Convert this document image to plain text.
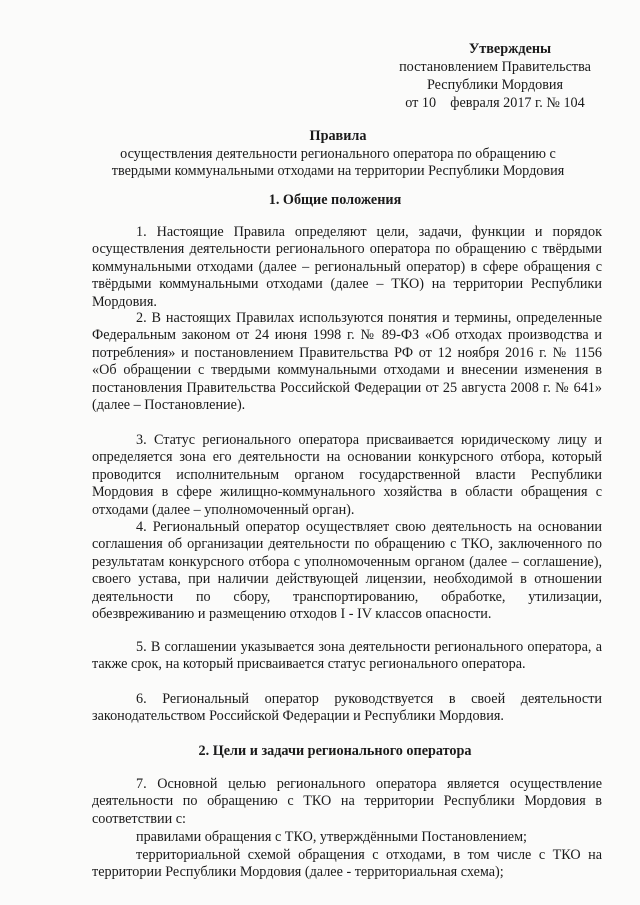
Утверждены
постановлением Правительства
Республики Мордовия
от 10    февраля 2017 г. № 104
Правила
осуществления деятельности регионального оператора по обращению с
твердыми коммунальными отходами на территории Республики Мордовия
1. Общие положения
1. Настоящие Правила определяют цели, задачи, функции и порядок осуществления деятельности регионального оператора по обращению с твёрдыми коммунальными отходами (далее – региональный оператор) в сфере обращения с твёрдыми коммунальными отходами (далее – ТКО) на территории Республики Мордовия.
2. В настоящих Правилах используются понятия и термины, определенные Федеральным законом от 24 июня 1998 г. № 89-ФЗ «Об отходах производства и потребления» и постановлением Правительства РФ от 12 ноября 2016 г. № 1156 «Об обращении с твердыми коммунальными отходами и внесении изменения в постановления Правительства Российской Федерации от 25 августа 2008 г. № 641» (далее – Постановление).
3. Статус регионального оператора присваивается юридическому лицу и определяется зона его деятельности на основании конкурсного отбора, который проводится исполнительным органом государственной власти Республики Мордовия в сфере жилищно-коммунального хозяйства в области обращения с отходами (далее – уполномоченный орган).
4. Региональный оператор осуществляет свою деятельность на основании соглашения об организации деятельности по обращению с ТКО, заключенного по результатам конкурсного отбора с уполномоченным органом (далее – соглашение), своего устава, при наличии действующей лицензии, необходимой в отношении деятельности по сбору, транспортированию, обработке, утилизации, обезвреживанию и размещению отходов I - IV классов опасности.
5. В соглашении указывается зона деятельности регионального оператора, а также срок, на который присваивается статус регионального оператора.
6. Региональный оператор руководствуется в своей деятельности законодательством Российской Федерации и Республики Мордовия.
2. Цели и задачи регионального оператора
7. Основной целью регионального оператора является осуществление деятельности по обращению с ТКО на территории Республики Мордовия в соответствии с:
правилами обращения с ТКО, утверждёнными Постановлением;
территориальной схемой обращения с отходами, в том числе с ТКО на территории Республики Мордовия (далее - территориальная схема);
